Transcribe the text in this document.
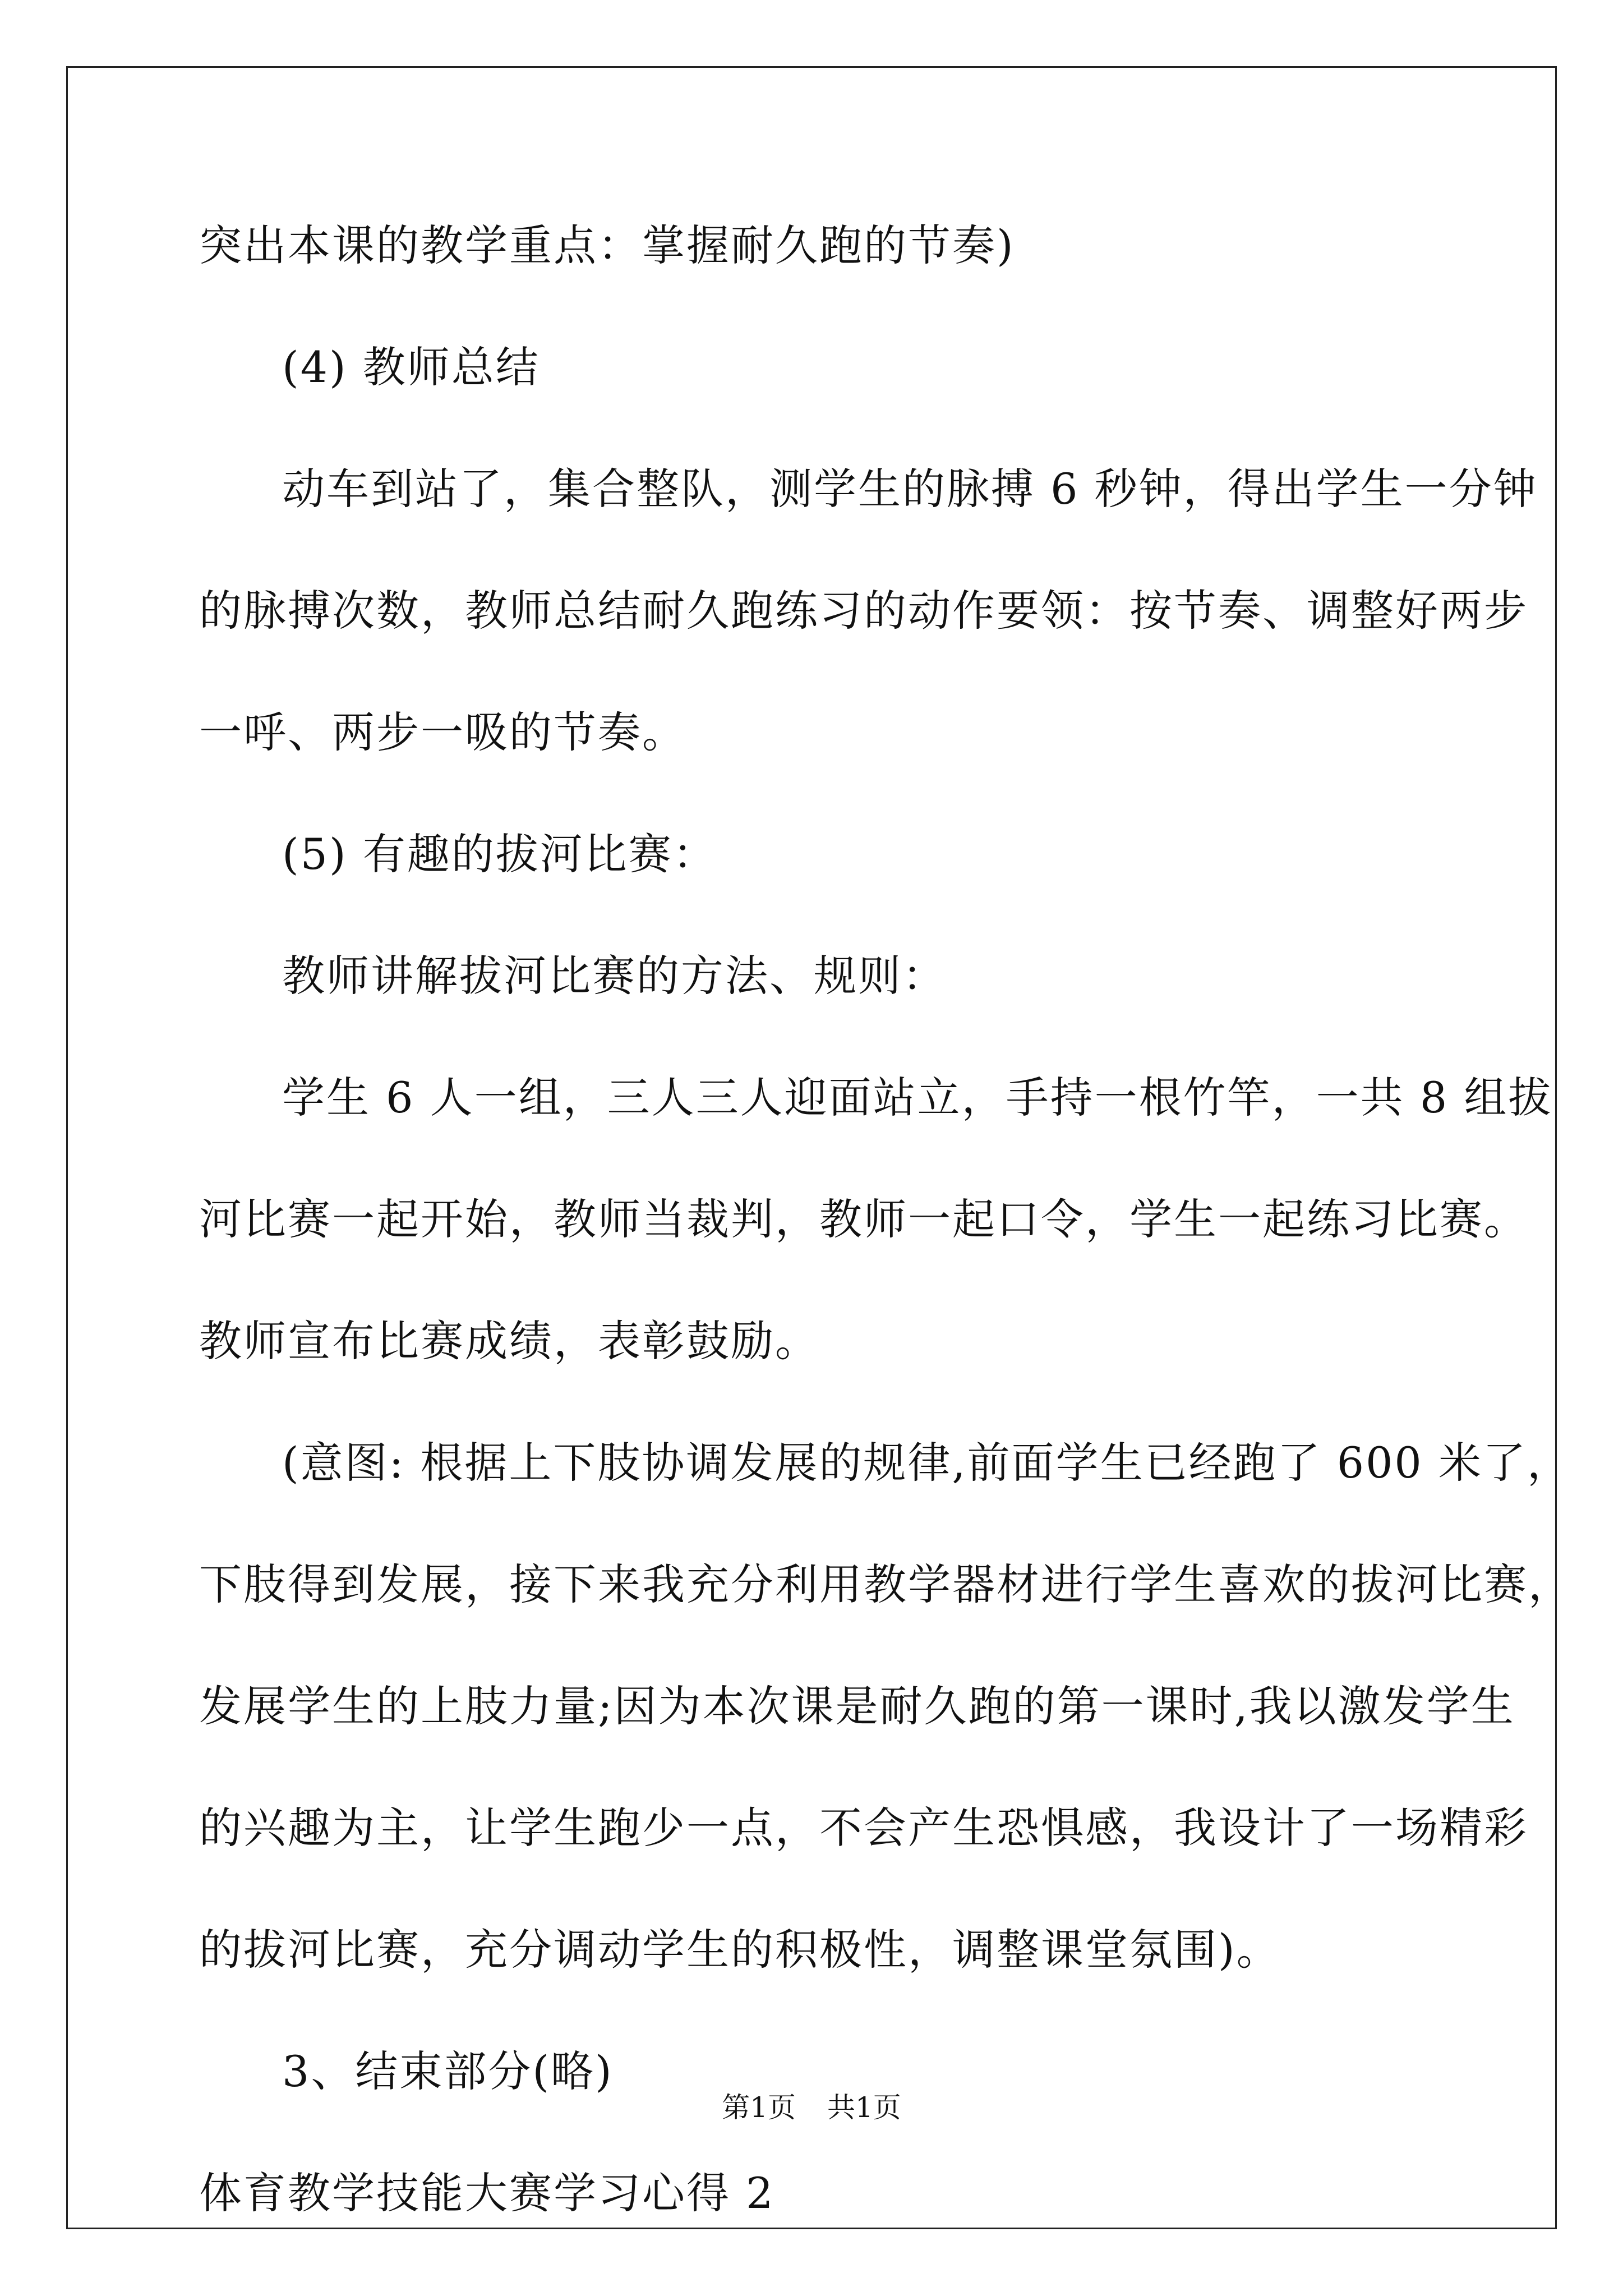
突出本课的教学重点：掌握耐久跑的节奏)
(4) 教师总结
动车到站了，集合整队，测学生的脉搏 6 秒钟，得出学生一分钟
的脉搏次数，教师总结耐久跑练习的动作要领：按节奏、调整好两步
一呼、两步一吸的节奏。
(5) 有趣的拔河比赛：
教师讲解拔河比赛的方法、规则：
学生 6 人一组，三人三人迎面站立，手持一根竹竿，一共 8 组拔
河比赛一起开始，教师当裁判，教师一起口令，学生一起练习比赛。
教师宣布比赛成绩，表彰鼓励。
(意图: 根据上下肢协调发展的规律,前面学生已经跑了 600 米了，
下肢得到发展，接下来我充分利用教学器材进行学生喜欢的拔河比赛，
发展学生的上肢力量;因为本次课是耐久跑的第一课时,我以激发学生
的兴趣为主，让学生跑少一点，不会产生恐惧感，我设计了一场精彩
的拔河比赛，充分调动学生的积极性，调整课堂氛围)。
3、结束部分(略)
体育教学技能大赛学习心得 2
第1页 共1页
